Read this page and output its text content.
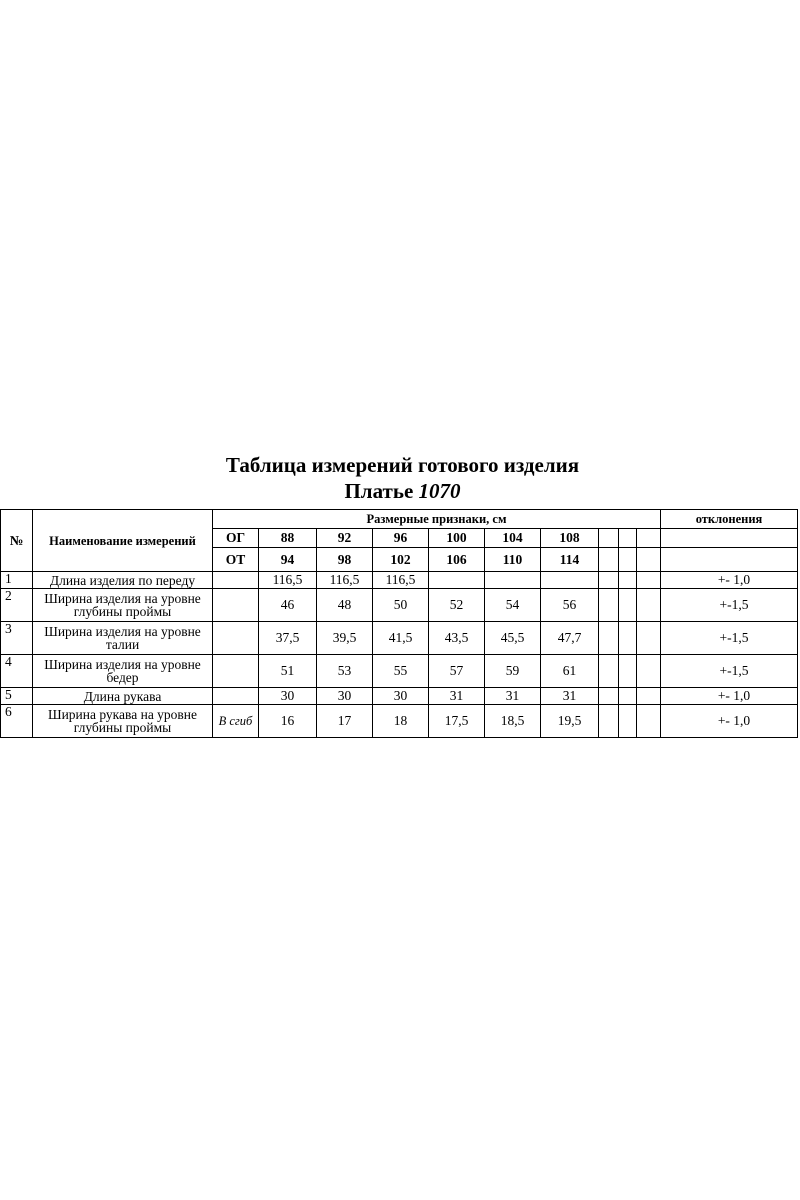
Таблица измерений готового изделия
Платье 1070
№	Наименование измерений	Размерные признаки, см										отклонения
		ОГ	88	92	96	100	104	108				
		ОТ	94	98	102	106	110	114				
1	Длина изделия по переду		116,5	116,5	116,5							+- 1,0
2	Ширина изделия на уровне глубины проймы		46	48	50	52	54	56				+-1,5
3	Ширина изделия на уровне талии		37,5	39,5	41,5	43,5	45,5	47,7				+-1,5
4	Ширина изделия на уровне бедер		51	53	55	57	59	61				+-1,5
5	Длина рукава		30	30	30	31	31	31				+- 1,0
6	Ширина рукава на уровне глубины проймы	В сгиб	16	17	18	17,5	18,5	19,5				+- 1,0
